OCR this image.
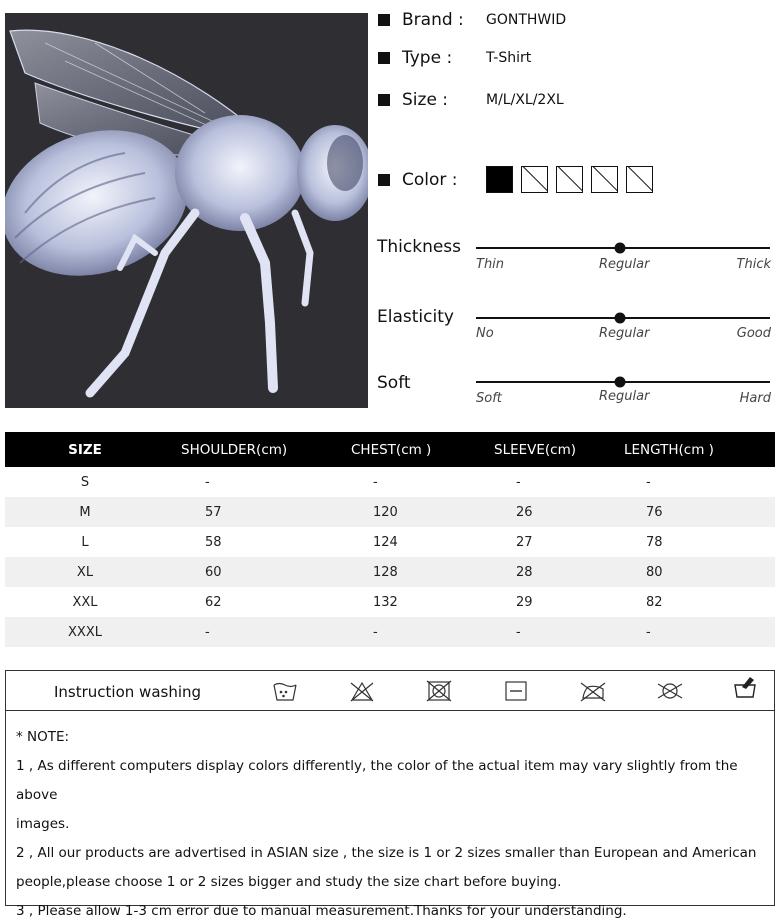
Brand :	GONTHWID
Type :	T-Shirt
Size :	M/L/XL/2XL
Color :
Thickness
Thin	Regular	Thick
Elasticity
No	Regular	Good
Soft
Soft	Regular	Hard
SIZE	SHOULDER(cm)	CHEST(cm )	SLEEVE(cm)	LENGTH(cm )
S	-	-	-	-
M	57	120	26	76
L	58	124	27	78
XL	60	128	28	80
XXL	62	132	29	82
XXXL	-	-	-	-
Instruction washing
* NOTE:
1 , As different computers display colors differently, the color of the actual item may vary slightly from the above
images.
2 , All our products are advertised in ASIAN size , the size is 1 or 2 sizes smaller than European and American
people,please choose 1 or 2 sizes bigger and study the size chart before buying.
3 , Please allow 1-3 cm error due to manual measurement.Thanks for your understanding.
